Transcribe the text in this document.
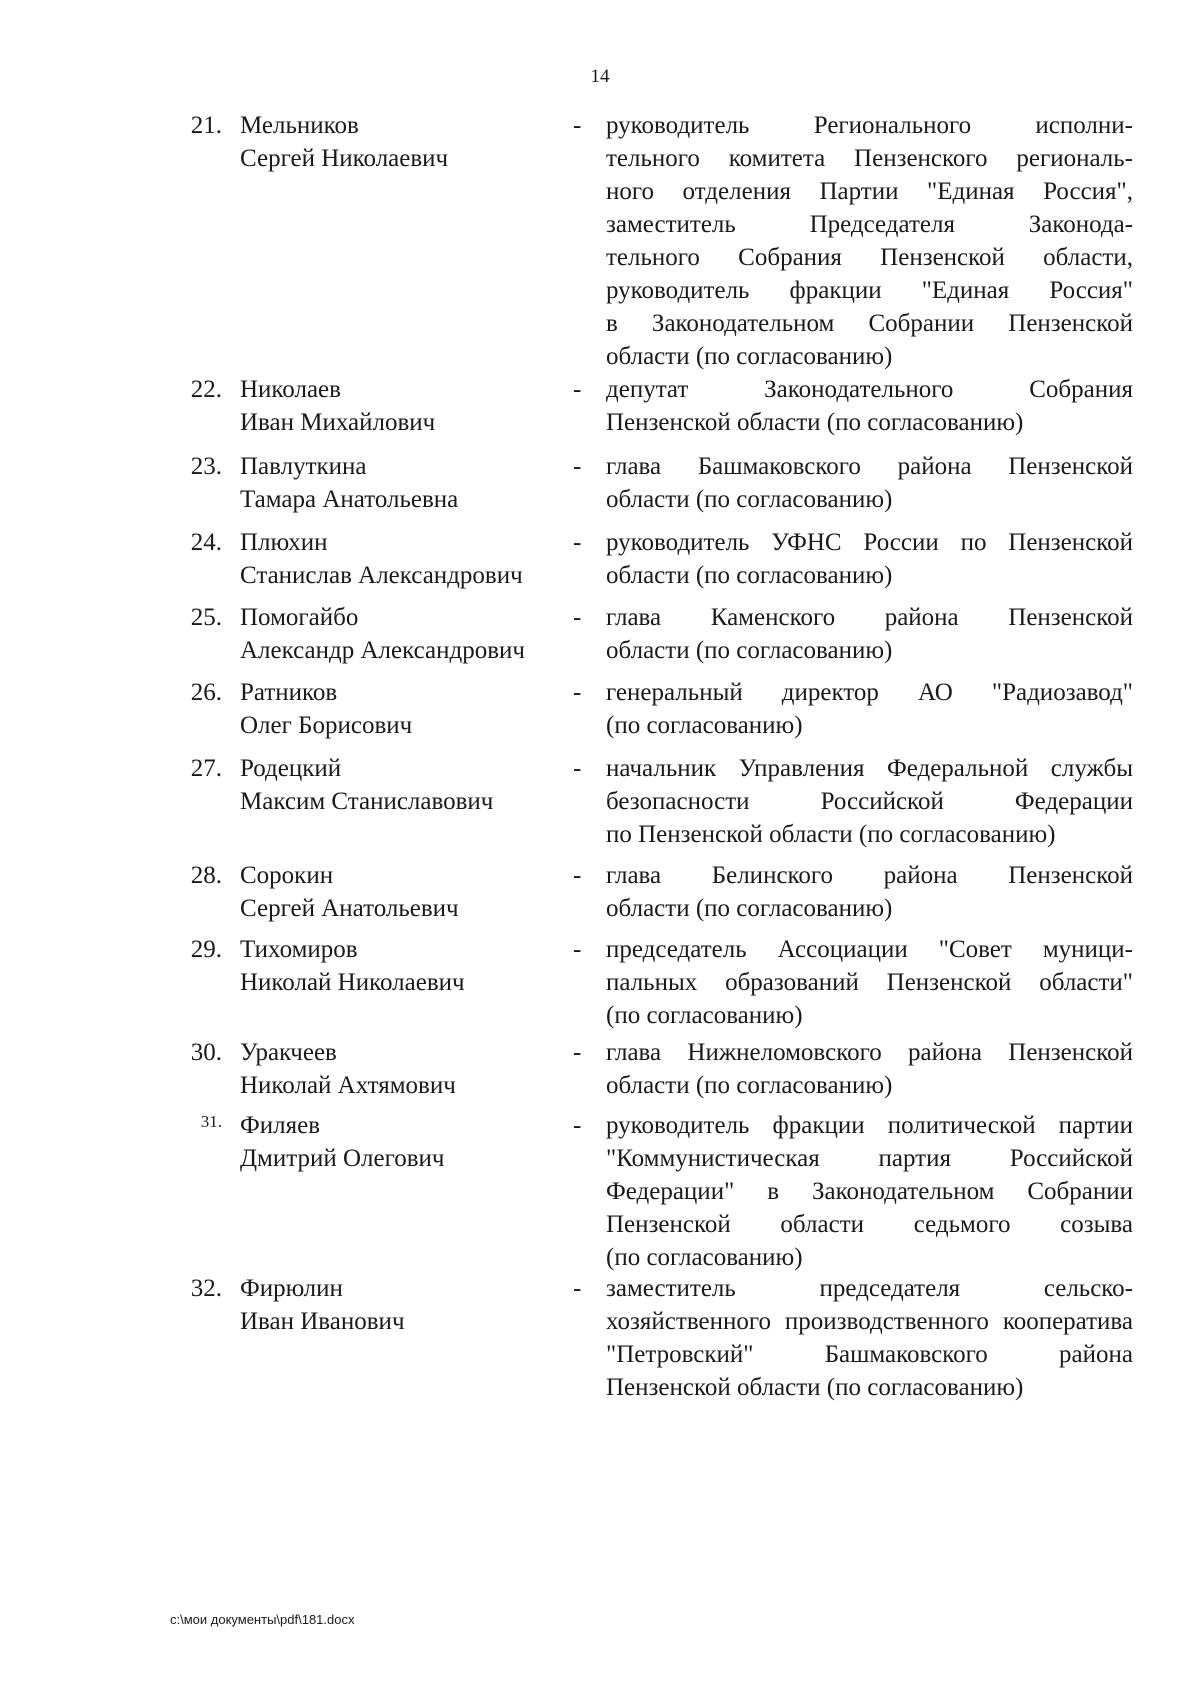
14
21. Мельников
Сергей Николаевич
- руководитель Регионального исполни-
тельного комитета Пензенского региональ-
ного отделения Партии "Единая Россия",
заместитель Председателя Законода-
тельного Собрания Пензенской области,
руководитель фракции "Единая Россия"
в Законодательном Собрании Пензенской
области (по согласованию)
22. Николаев
Иван Михайлович
- депутат Законодательного Собрания
Пензенской области (по согласованию)
23. Павлуткина
Тамара Анатольевна
- глава Башмаковского района Пензенской
области (по согласованию)
24. Плюхин
Станислав Александрович
- руководитель УФНС России по Пензенской
области (по согласованию)
25. Помогайбо
Александр Александрович
- глава Каменского района Пензенской
области (по согласованию)
26. Ратников
Олег Борисович
- генеральный директор АО "Радиозавод"
(по согласованию)
27. Родецкий
Максим Станиславович
- начальник Управления Федеральной службы
безопасности Российской Федерации
по Пензенской области (по согласованию)
28. Сорокин
Сергей Анатольевич
- глава Белинского района Пензенской
области (по согласованию)
29. Тихомиров
Николай Николаевич
- председатель Ассоциации "Совет муници-
пальных образований Пензенской области"
(по согласованию)
30. Уракчеев
Николай Ахтямович
- глава Нижнеломовского района Пензенской
области (по согласованию)
31. Филяев
Дмитрий Олегович
- руководитель фракции политической партии
"Коммунистическая партия Российской
Федерации" в Законодательном Собрании
Пензенской области седьмого созыва
(по согласованию)
32. Фирюлин
Иван Иванович
- заместитель председателя сельско-
хозяйственного производственного кооператива
"Петровский" Башмаковского района
Пензенской области (по согласованию)
c:\мои документы\pdf\181.docx
